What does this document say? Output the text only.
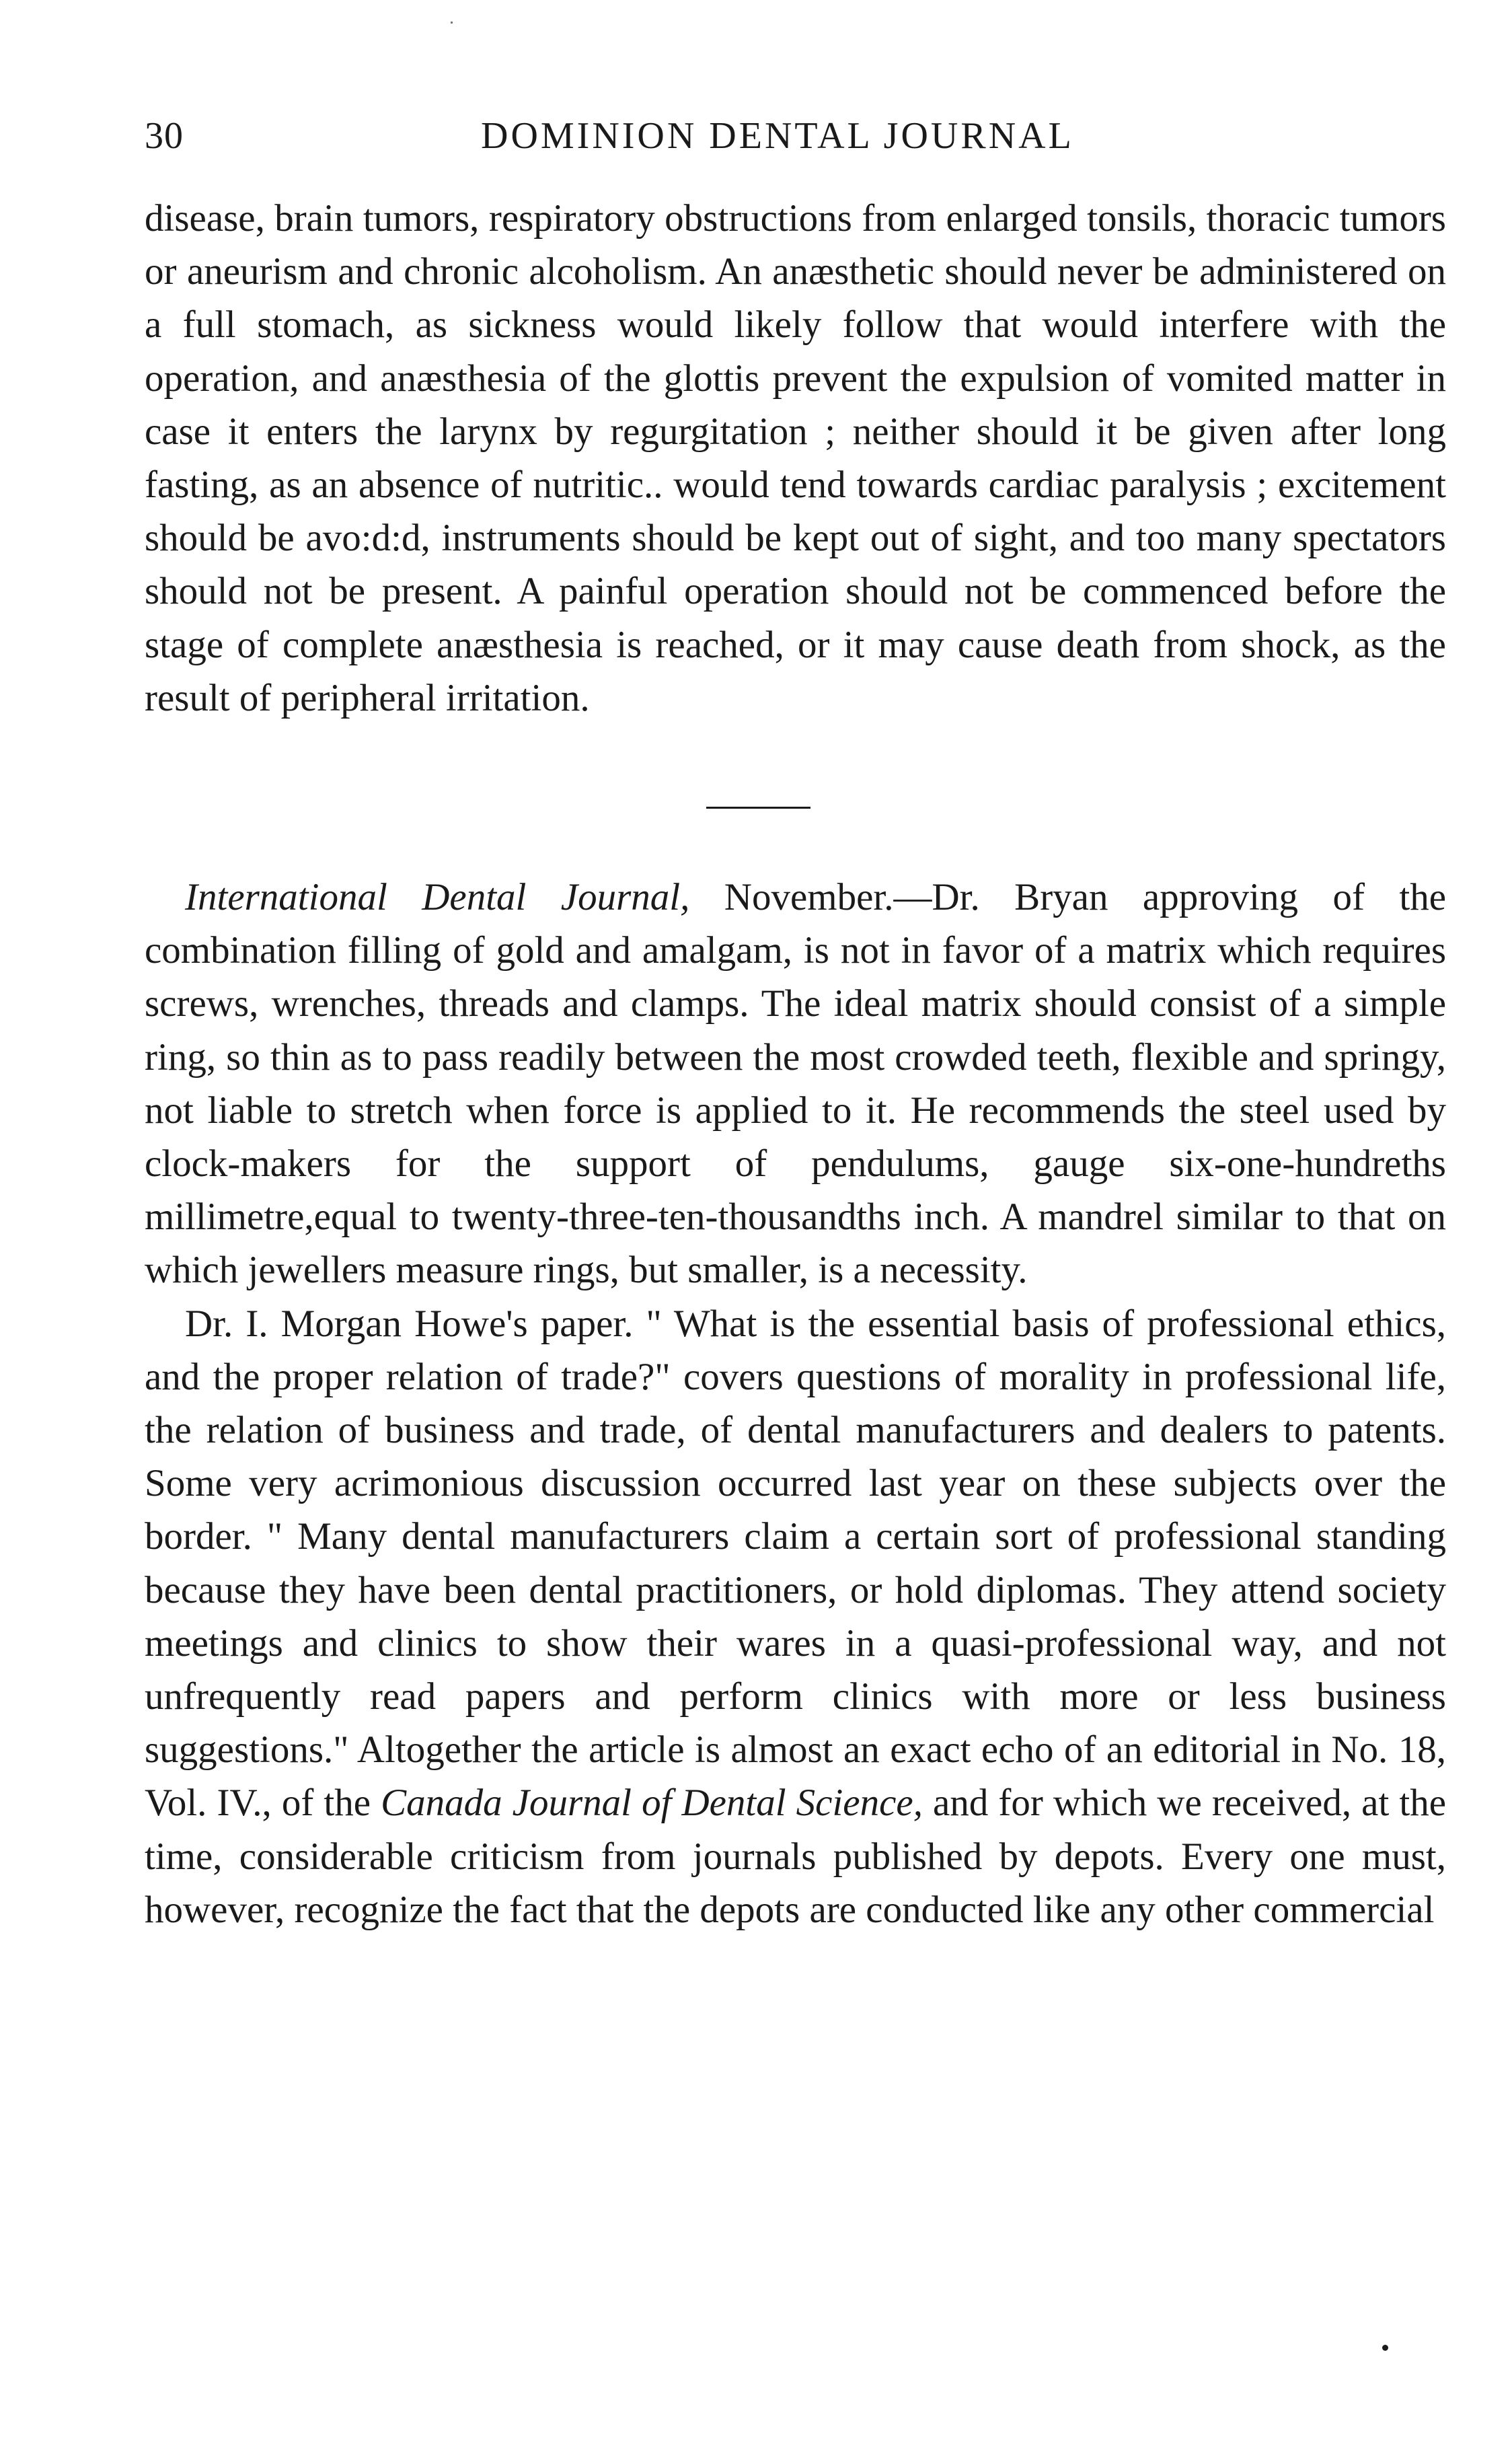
30	DOMINION DENTAL JOURNAL

disease, brain tumors, respiratory obstructions from enlarged tonsils, thoracic tumors or aneurism and chronic alcoholism. An anæsthetic should never be administered on a full stomach, as sickness would likely follow that would interfere with the operation, and anæsthesia of the glottis prevent the expulsion of vomited matter in case it enters the larynx by regurgitation ; neither should it be given after long fasting, as an absence of nutritic.. would tend towards cardiac paralysis ; excitement should be avo:d:d, instruments should be kept out of sight, and too many spectators should not be present. A painful operation should not be commenced before the stage of complete anæsthesia is reached, or it may cause death from shock, as the result of peripheral irritation.

International Dental Journal, November.—Dr. Bryan approving of the combination filling of gold and amalgam, is not in favor of a matrix which requires screws, wrenches, threads and clamps. The ideal matrix should consist of a simple ring, so thin as to pass readily between the most crowded teeth, flexible and springy, not liable to stretch when force is applied to it. He recommends the steel used by clock-makers for the support of pendulums, gauge six-one-hundreths millimetre,equal to twenty-three-ten-thousandths inch. A mandrel similar to that on which jewellers measure rings, but smaller, is a necessity.

Dr. I. Morgan Howe's paper. " What is the essential basis of professional ethics, and the proper relation of trade?" covers questions of morality in professional life, the relation of business and trade, of dental manufacturers and dealers to patents. Some very acrimonious discussion occurred last year on these subjects over the border. " Many dental manufacturers claim a certain sort of professional standing because they have been dental practitioners, or hold diplomas. They attend society meetings and clinics to show their wares in a quasi-professional way, and not unfrequently read papers and perform clinics with more or less business suggestions." Altogether the article is almost an exact echo of an editorial in No. 18, Vol. IV., of the Canada Journal of Dental Science, and for which we received, at the time, considerable criticism from journals published by depots. Every one must, however, recognize the fact that the depots are conducted like any other commercial
